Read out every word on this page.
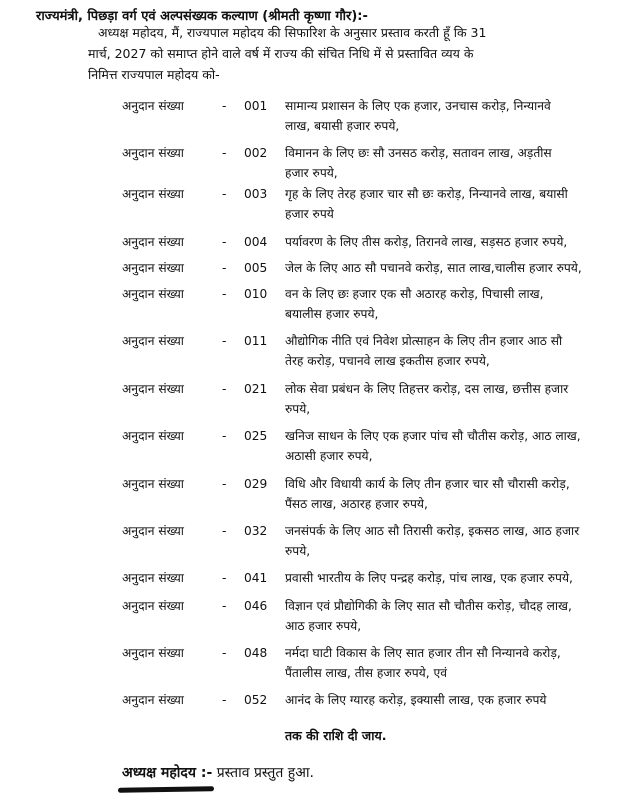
राज्यमंत्री, पिछड़ा वर्ग एवं अल्पसंख्यक कल्याण (श्रीमती कृष्णा गौर):-
अध्यक्ष महोदय, मैं, राज्यपाल महोदय की सिफारिश के अनुसार प्रस्ताव करती हूँ कि 31
मार्च, 2027 को समाप्त होने वाले वर्ष में राज्य की संचित निधि में से प्रस्तावित व्यय के
निमित्त राज्यपाल महोदय को-
अनुदान संख्या	- 001 सामान्य प्रशासन के लिए एक हजार, उनचास करोड़, निन्यानवे
लाख, बयासी हजार रुपये,
अनुदान संख्या	- 002 विमानन के लिए छः सौ उनसठ करोड़, सतावन लाख, अड़तीस
हजार रुपये,
अनुदान संख्या	- 003 गृह के लिए तेरह हजार चार सौ छः करोड़, निन्यानवे लाख, बयासी
हजार रुपये
अनुदान संख्या	- 004 पर्यावरण के लिए तीस करोड़, तिरानवे लाख, सड़सठ हजार रुपये,
अनुदान संख्या	- 005 जेल के लिए आठ सौ पचानवे करोड़, सात लाख,चालीस हजार रुपये,
अनुदान संख्या	- 010 वन के लिए छः हजार एक सौ अठारह करोड़, पिचासी लाख,
बयालीस हजार रुपये,
अनुदान संख्या	- 011 औद्योगिक नीति एवं निवेश प्रोत्साहन के लिए तीन हजार आठ सौ
तेरह करोड़, पचानवे लाख इकतीस हजार रुपये,
अनुदान संख्या	- 021 लोक सेवा प्रबंधन के लिए तिहत्तर करोड़, दस लाख, छत्तीस हजार
रुपये,
अनुदान संख्या	- 025 खनिज साधन के लिए एक हजार पांच सौ चौतीस करोड़, आठ लाख,
अठासी हजार रुपये,
अनुदान संख्या	- 029 विधि और विधायी कार्य के लिए तीन हजार चार सौ चौरासी करोड़,
पैंसठ लाख, अठारह हजार रुपये,
अनुदान संख्या	- 032 जनसंपर्क के लिए आठ सौ तिरासी करोड़, इकसठ लाख, आठ हजार
रुपये,
अनुदान संख्या	- 041 प्रवासी भारतीय के लिए पन्द्रह करोड़, पांच लाख, एक हजार रुपये,
अनुदान संख्या	- 046 विज्ञान एवं प्रौद्योगिकी के लिए सात सौ चौतीस करोड़, चौदह लाख,
आठ हजार रुपये,
अनुदान संख्या	- 048 नर्मदा घाटी विकास के लिए सात हजार तीन सौ निन्यानवे करोड़,
पैंतालीस लाख, तीस हजार रुपये, एवं
अनुदान संख्या	- 052 आनंद के लिए ग्यारह करोड़, इक्यासी लाख, एक हजार रुपये
तक की राशि दी जाय.
अध्यक्ष महोदय :- प्रस्ताव प्रस्तुत हुआ.
